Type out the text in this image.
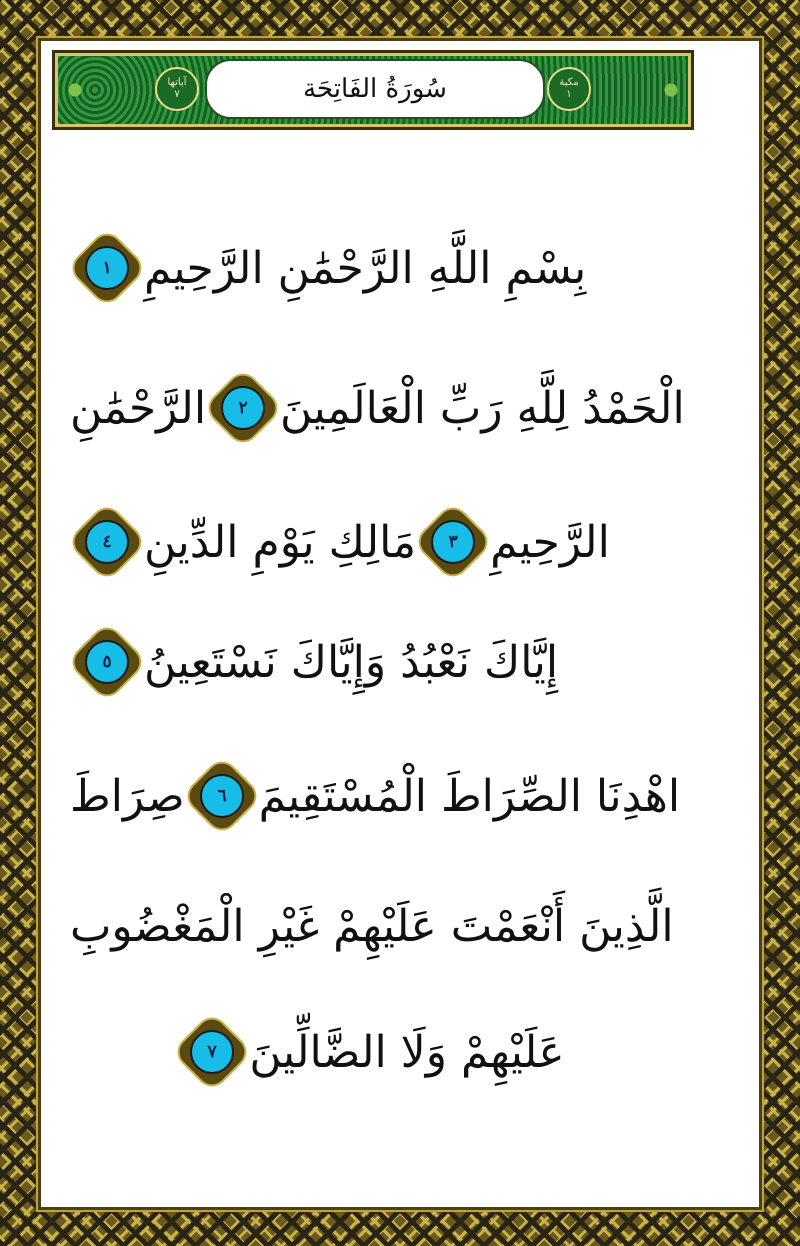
آياتها
٧	سُورَةُ الفَاتِحَة	مكية
١
بِسْمِ اللَّهِ الرَّحْمَٰنِ الرَّحِيمِ
١
الْحَمْدُ لِلَّهِ رَبِّ الْعَالَمِينَ
٢
الرَّحْمَٰنِ
الرَّحِيمِ
٣
مَالِكِ يَوْمِ الدِّينِ
٤
إِيَّاكَ نَعْبُدُ وَإِيَّاكَ نَسْتَعِينُ
٥
اهْدِنَا الصِّرَاطَ الْمُسْتَقِيمَ
٦
صِرَاطَ
الَّذِينَ أَنْعَمْتَ عَلَيْهِمْ غَيْرِ الْمَغْضُوبِ
عَلَيْهِمْ وَلَا الضَّالِّينَ
٧
